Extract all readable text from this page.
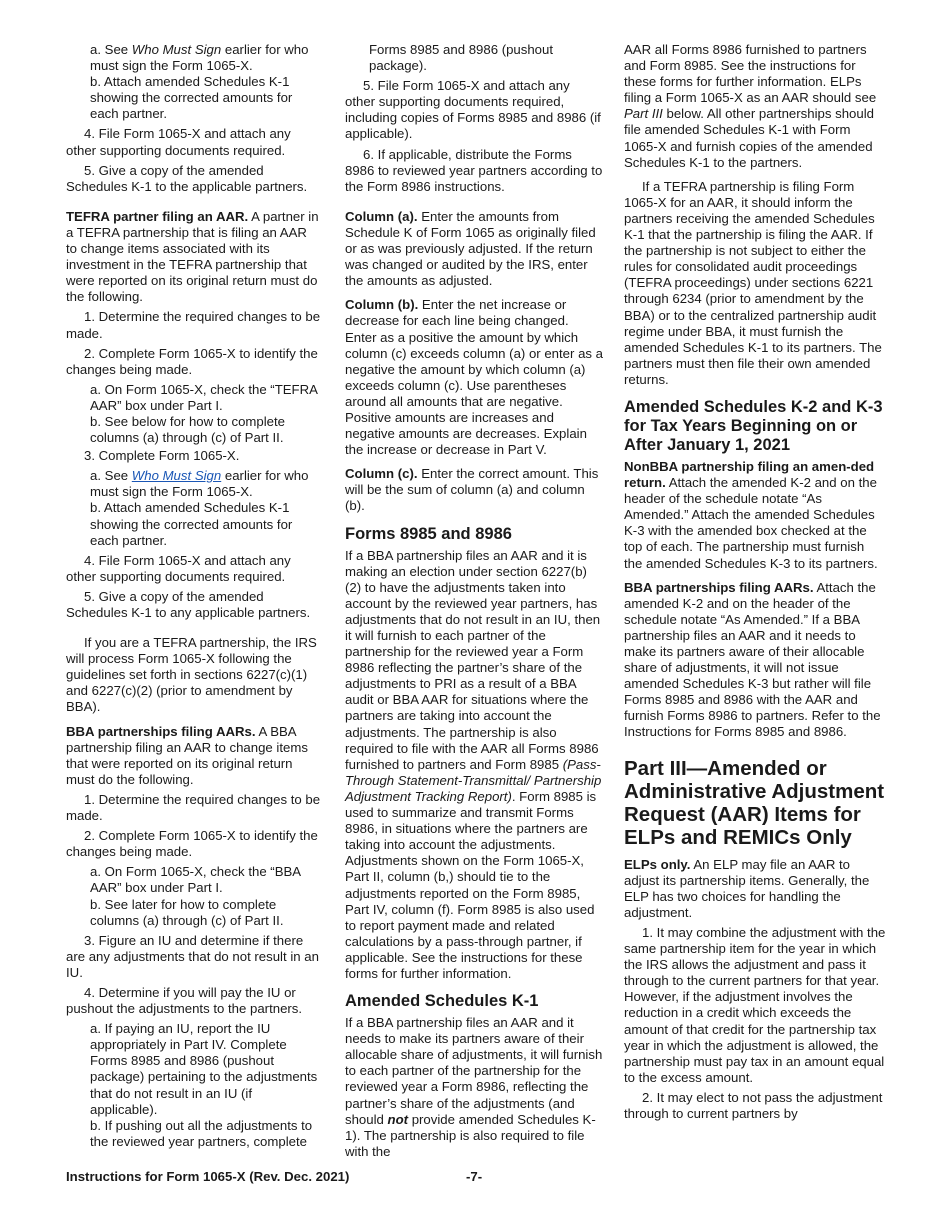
a. See Who Must Sign earlier for who must sign the Form 1065-X.

b. Attach amended Schedules K-1 showing the corrected amounts for each partner.

4. File Form 1065-X and attach any other supporting documents required.

5. Give a copy of the amended Schedules K-1 to the applicable partners.

TEFRA partner filing an AAR. A partner in a TEFRA partnership that is filing an AAR to change items associated with its investment in the TEFRA partnership that were reported on its original return must do the following.

1. Determine the required changes to be made.

2. Complete Form 1065-X to identify the changes being made.

a. On Form 1065-X, check the “TEFRA AAR” box under Part I.

b. See below for how to complete columns (a) through (c) of Part II.

3. Complete Form 1065-X.

a. See Who Must Sign earlier for who must sign the Form 1065-X.

b. Attach amended Schedules K-1 showing the corrected amounts for each partner.

4. File Form 1065-X and attach any other supporting documents required.

5. Give a copy of the amended Schedules K-1 to any applicable partners.

If you are a TEFRA partnership, the IRS will process Form 1065-X following the guidelines set forth in sections 6227(c)(1) and 6227(c)(2) (prior to amendment by BBA).

BBA partnerships filing AARs. A BBA partnership filing an AAR to change items that were reported on its original return must do the following.

1. Determine the required changes to be made.

2. Complete Form 1065-X to identify the changes being made.

a. On Form 1065-X, check the “BBA AAR” box under Part I.

b. See later for how to complete columns (a) through (c) of Part II.

3. Figure an IU and determine if there are any adjustments that do not result in an IU.

4. Determine if you will pay the IU or pushout the adjustments to the partners.

a. If paying an IU, report the IU appropriately in Part IV. Complete Forms 8985 and 8986 (pushout package) pertaining to the adjustments that do not result in an IU (if applicable).

b. If pushing out all the adjustments to the reviewed year partners, complete

Forms 8985 and 8986 (pushout package).

5. File Form 1065-X and attach any other supporting documents required, including copies of Forms 8985 and 8986 (if applicable).

6. If applicable, distribute the Forms 8986 to reviewed year partners according to the Form 8986 instructions.

Column (a). Enter the amounts from Schedule K of Form 1065 as originally filed or as was previously adjusted. If the return was changed or audited by the IRS, enter the amounts as adjusted.

Column (b). Enter the net increase or decrease for each line being changed. Enter as a positive the amount by which column (c) exceeds column (a) or enter as a negative the amount by which column (a) exceeds column (c). Use parentheses around all amounts that are negative. Positive amounts are increases and negative amounts are decreases. Explain the increase or decrease in Part V.

Column (c). Enter the correct amount. This will be the sum of column (a) and column (b).

Forms 8985 and 8986

If a BBA partnership files an AAR and it is making an election under section 6227(b)(2) to have the adjustments taken into account by the reviewed year partners, has adjustments that do not result in an IU, then it will furnish to each partner of the partnership for the reviewed year a Form 8986 reflecting the partner’s share of the adjustments to PRI as a result of a BBA audit or BBA AAR for situations where the partners are taking into account the adjustments. The partnership is also required to file with the AAR all Forms 8986 furnished to partners and Form 8985 (Pass-Through Statement-Transmittal/ Partnership Adjustment Tracking Report). Form 8985 is used to summarize and transmit Forms 8986, in situations where the partners are taking into account the adjustments. Adjustments shown on the Form 1065-X, Part II, column (b,) should tie to the adjustments reported on the Form 8985, Part IV, column (f). Form 8985 is also used to report payment made and related calculations by a pass-through partner, if applicable. See the instructions for these forms for further information.

Amended Schedules K-1

If a BBA partnership files an AAR and it needs to make its partners aware of their allocable share of adjustments, it will furnish to each partner of the partnership for the reviewed year a Form 8986, reflecting the partner’s share of the adjustments (and should not provide amended Schedules K-1). The partnership is also required to file with the

AAR all Forms 8986 furnished to partners and Form 8985. See the instructions for these forms for further information. ELPs filing a Form 1065-X as an AAR should see Part III below. All other partnerships should file amended Schedules K-1 with Form 1065-X and furnish copies of the amended Schedules K-1 to the partners.

If a TEFRA partnership is filing Form 1065-X for an AAR, it should inform the partners receiving the amended Schedules K-1 that the partnership is filing the AAR. If the partnership is not subject to either the rules for consolidated audit proceedings (TEFRA proceedings) under sections 6221 through 6234 (prior to amendment by the BBA) or to the centralized partnership audit regime under BBA, it must furnish the amended Schedules K-1 to its partners. The partners must then file their own amended returns.

Amended Schedules K-2 and K-3 for Tax Years Beginning on or After January 1, 2021

NonBBA partnership filing an amen-ded return. Attach the amended K-2 and on the header of the schedule notate “As Amended.” Attach the amended Schedules K-3 with the amended box checked at the top of each. The partnership must furnish the amended Schedules K-3 to its partners.

BBA partnerships filing AARs. Attach the amended K-2 and on the header of the schedule notate “As Amended.” If a BBA partnership files an AAR and it needs to make its partners aware of their allocable share of adjustments, it will not issue amended Schedules K-3 but rather will file Forms 8985 and 8986 with the AAR and furnish Forms 8986 to partners. Refer to the Instructions for Forms 8985 and 8986.

Part III—Amended or Administrative Adjustment Request (AAR) Items for ELPs and REMICs Only

ELPs only. An ELP may file an AAR to adjust its partnership items. Generally, the ELP has two choices for handling the adjustment.

1. It may combine the adjustment with the same partnership item for the year in which the IRS allows the adjustment and pass it through to the current partners for that year. However, if the adjustment involves the reduction in a credit which exceeds the amount of that credit for the partnership tax year in which the adjustment is allowed, the partnership must pay tax in an amount equal to the excess amount.

2. It may elect to not pass the adjustment through to current partners by

Instructions for Form 1065-X (Rev. Dec. 2021)	-7-
